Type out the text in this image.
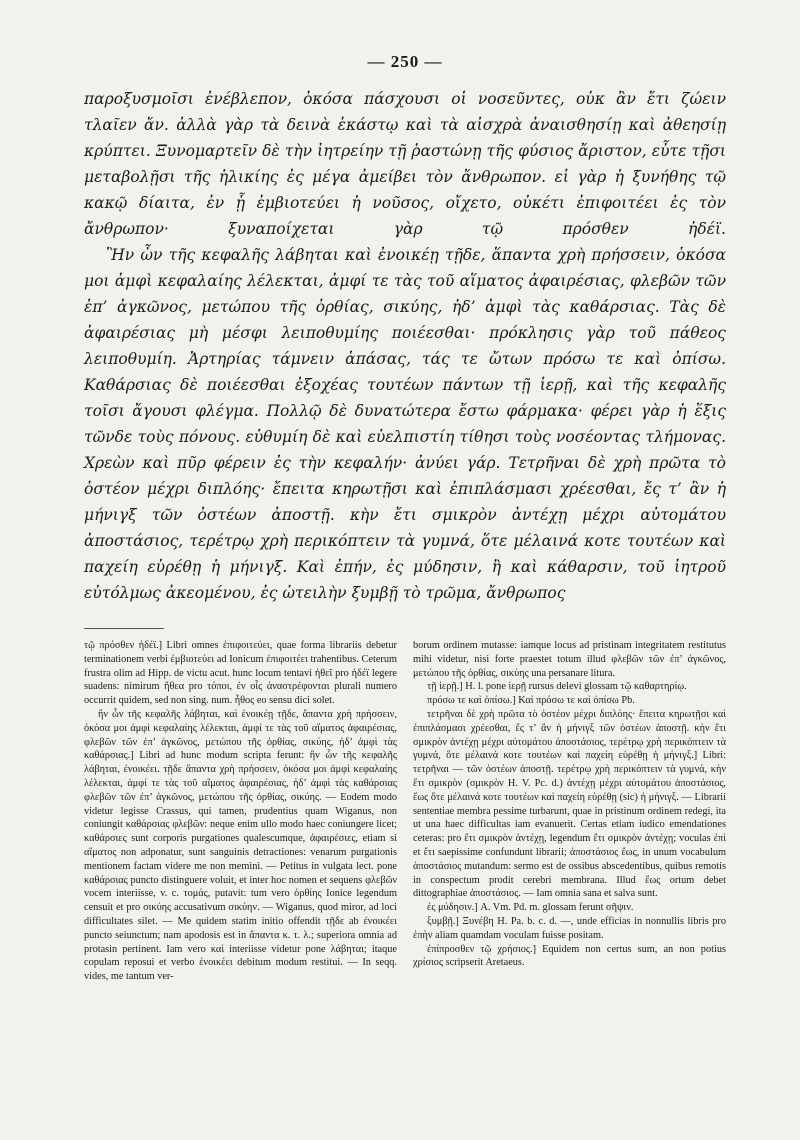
— 250 —

παροξυσμοῖσι ἐνέβλεπον, ὁκόσα πάσχουσι οἱ νοσεῦντες, οὐκ ἂν ἔτι ζώειν τλαῖεν ἄν. ἀλλὰ γὰρ τὰ δεινὰ ἑκάστῳ καὶ τὰ αἰσχρὰ ἀναισθησίῃ καὶ ἀθεησίῃ κρύπτει. Ξυνομαρτεῖν δὲ τὴν ἰητρείην τῇ ῥαστώνῃ τῆς φύσιος ἄριστον, εὖτε τῇσι μεταβολῇσι τῆς ἡλικίης ἐς μέγα ἀμείβει τὸν ἄνθρωπον. εἰ γὰρ ἡ ξυνήθης τῷ κακῷ δίαιτα, ἐν ᾗ ἐμβιοτεύει ἡ νοῦσος, οἴχετο, οὐκέτι ἐπιφοιτέει ἐς τὸν ἄνθρωπον· ξυναποίχεται γὰρ τῷ πρόσθεν ἠδέϊ.

Ἢν ὦν τῆς κεφαλῆς λάβηται καὶ ἐνοικέῃ τῇδε, ἅπαντα χρὴ πρήσσειν, ὁκόσα μοι ἀμφὶ κεφαλαίης λέλεκται, ἀμφί τε τὰς τοῦ αἵματος ἀφαιρέσιας, φλεβῶν τῶν ἐπ’ ἀγκῶνος, μετώπου τῆς ὀρθίας, σικύης, ἠδ’ ἀμφὶ τὰς καθάρσιας. Τὰς δὲ ἀφαιρέσιας μὴ μέσφι λειποθυμίης ποιέεσθαι· πρόκλησις γὰρ τοῦ πάθεος λειποθυμίη. Ἀρτηρίας τάμνειν ἁπάσας, τάς τε ὤτων πρόσω τε καὶ ὀπίσω. Καθάρσιας δὲ ποιέεσθαι ἐξοχέας τουτέων πάντων τῇ ἱερῇ, καὶ τῆς κεφαλῆς τοῖσι ἄγουσι φλέγμα. Πολλῷ δὲ δυνατώτερα ἔστω φάρμακα· φέρει γὰρ ἡ ἕξις τῶνδε τοὺς πόνους. εὐθυμίη δὲ καὶ εὐελπιστίη τίθησι τοὺς νοσέοντας τλήμονας. Χρεὼν καὶ πῦρ φέρειν ἐς τὴν κεφαλήν· ἀνύει γάρ. Τετρῆναι δὲ χρὴ πρῶτα τὸ ὀστέον μέχρι διπλόης· ἔπειτα κηρωτῇσι καὶ ἐπιπλάσμασι χρέεσθαι, ἔς τ’ ἂν ἡ μήνιγξ τῶν ὀστέων ἀποστῇ. κὴν ἔτι σμικρὸν ἀντέχῃ μέχρι αὐτομάτου ἀποστάσιος, τερέτρῳ χρὴ περικόπτειν τὰ γυμνά, ὅτε μέλαινά κοτε τουτέων καὶ παχείη εὑρέθῃ ἡ μήνιγξ. Καὶ ἐπήν, ἐς μύδησιν, ἢ καὶ κάθαρσιν, τοῦ ἰητροῦ εὐτόλμως ἀκεομένου, ἐς ὠτειλὴν ξυμβῇ τὸ τρῶμα, ἄνθρωπος

τῷ πρόσθεν ἠδέϊ.] Libri omnes ἐπιφοιτεύει, quae forma librariis debetur terminationem verbi ἐμβιοτεύει ad Ionicum ἐπιφοιτέει trahentibus. Ceterum frustra olim ad Hipp. de victu acut. hunc locum tentavi ἠθεῖ pro ἠδέϊ legere suadens: nimirum ἤθεα pro τόποι, ἐν οἷς ἀναστρέφονται plurali numero occurrit quidem, sed non sing. num. ἦθος eo sensu dici solet.

ἢν ὦν τῆς κεφαλῆς λάβηται, καὶ ἐνοικέῃ τῇδε, ἅπαντα χρὴ πρήσσειν, ὁκόσα μοι ἀμφὶ κεφαλαίης λέλεκται, ἀμφί τε τὰς τοῦ αἵματος ἀφαιρέσιας, φλεβῶν τῶν ἐπ’ ἀγκῶνος, μετώπου τῆς ὀρθίας, σικύης, ἠδ’ ἀμφὶ τὰς καθάρσιας.] Libri ad hunc modum scripta ferunt: ἢν ὦν τῆς κεφαλῆς λάβηται, ἐνοικέει. τῇδε ἅπαντα χρὴ πρήσσειν, ὁκόσα μοι ἀμφὶ κεφαλαίης λέλεκται, ἀμφί τε τὰς τοῦ αἵματος ἀφαιρέσιας, ἠδ’ ἀμφὶ τὰς καθάρσιας φλεβῶν τῶν ἐπ’ ἀγκῶνος, μετώπου τῆς ὀρθίας, σικύης. — Eodem modo videtur legisse Crassus, qui tamen, prudentius quam Wiganus, non coniungit καθάρσιας φλεβῶν: neque enim ullo modo haec coniungere licet; καθάρσιες sunt corporis purgationes qualescumque, ἀφαιρέσιες, etiam si αἵματος non adponatur, sunt sanguinis detractiones: venarum purgationis mentionem factam videre me non memini. — Petitus in vulgata lect. pone καθάρσιας puncto distinguere voluit, et inter hoc nomen et sequens φλεβῶν vocem interiisse, v. c. τομάς, putavit: tum vero ὀρθίης Ionice legendum censuit et pro σικύης accusativum σικύην. — Wiganus, quod miror, ad loci difficultates silet. — Me quidem statim initio offendit τῇδε ab ἐνοικέει puncto seiunctum; nam apodosis est in ἅπαντα κ. τ. λ.; superiora omnia ad protasin pertinent. Iam vero καὶ interiisse videtur pone λάβηται; itaque copulam reposui et verbo ἐνοικέει debitum modum restitui. — In seqq. vides, me tantum ver-

borum ordinem mutasse: iamque locus ad pristinam integritatem restitutus mihi videtur, nisi forte praestet totum illud φλεβῶν τῶν ἐπ’ ἀγκῶνος, μετώπου τῆς ὀρθίας, σικύης una persanare litura.

τῇ ἱερῇ.] H. l. pone ἱερῇ rursus delevi glossam τῷ καθαρτηρίῳ.

πρόσω τε καὶ ὀπίσω.] Καὶ πρόσω τε καὶ ὀπίσω Pb.

τετρῆναι δὲ χρὴ πρῶτα τὸ ὀστέον μέχρι διπλόης· ἔπειτα κηρωτῇσι καὶ ἐπιπλάσμασι χρέεσθαι, ἔς τ’ ἂν ἡ μήνιγξ τῶν ὀστέων ἀποστῇ. κὴν ἔτι σμικρὸν ἀντέχῃ μέχρι αὐτομάτου ἀποστάσιος, τερέτρῳ χρὴ περικόπτειν τὰ γυμνά, ὅτε μέλαινά κοτε τουτέων καὶ παχείη εὑρέθῃ ἡ μήνιγξ.] Libri: τετρῆναι — τῶν ὀστέων ἀποστῇ. τερέτρῳ χρὴ περικόπτειν τὰ γυμνά, κὴν ἔτι σμικρὸν (σμικρὸν H. V. Pc. d.) ἀντέχῃ μέχρι αὐτομάτου ἀποστάσιος, ἕως ὅτε μέλαινά κοτε τουτέων καὶ παχείη εὑρέθῃ (sic) ἡ μήνιγξ. — Librarii sententiae membra pessime turbarunt, quae in pristinum ordinem redegi, ita ut una haec difficultas iam evanuerit. Certas etiam iudico emendationes ceteras: pro ἔτι σμικρὸν ἀντέχῃ, legendum ἔτι σμικρὸν ἀντέχῃ; voculas ἐπὶ et ἔτι saepissime confundunt librarii; ἀποστάσιος ἕως, in unum vocabulum ἀποστάσιος mutandum: sermo est de ossibus abscedentibus, quibus remotis in conspectum prodit cerebri membrana. Illud ἕως ortum debet dittographiae ἀποστάσιος. — Iam omnia sana et salva sunt.

ἐς μύδησιν.] A. Vm. Pd. m. glossam ferunt σῆψιν.

ξυμβῇ.] Ξυνέβη H. Pa. b. c. d. —, unde efficias in nonnullis libris pro ἐπὴν aliam quamdam voculam fuisse positam.

ἐπίπροσθεν τῷ χρήσιος.] Equidem non certus sum, an non potius χρίσιος scripserit Aretaeus.
